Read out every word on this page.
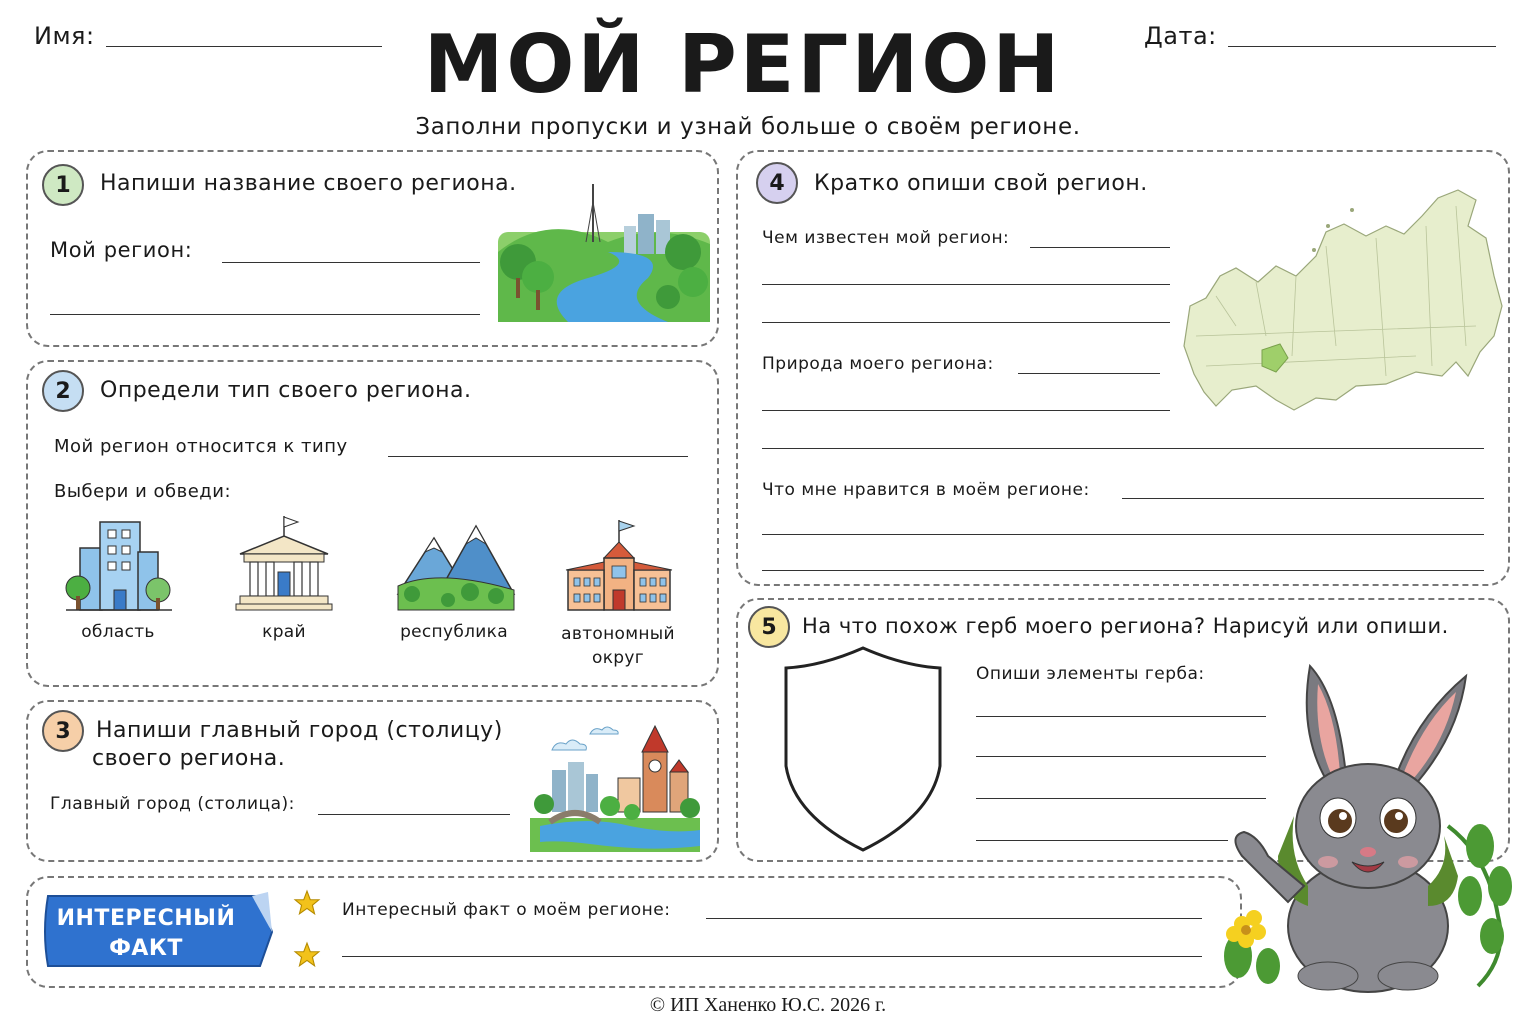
Имя:	Дата:
МОЙ РЕГИОН
Заполни пропуски и узнай больше о своём регионе.
1	Напиши название своего региона.
Мой регион:
2	Определи тип своего региона.
Мой регион относится к типу
Выбери и обведи:
область	край	республика	автономный округ
3	Напиши главный город (столицу)
своего региона.
Главный город (столица):
4	Кратко опиши свой регион.
Чем известен мой регион:
Природа моего региона:
Что мне нравится в моём регионе:
5	На что похож герб моего региона? Нарисуй или опиши.
Опиши элементы герба:
ИНТЕРЕСНЫЙ
ФАКТ
Интересный факт о моём регионе:
© ИП Ханенко Ю.С. 2026 г.
